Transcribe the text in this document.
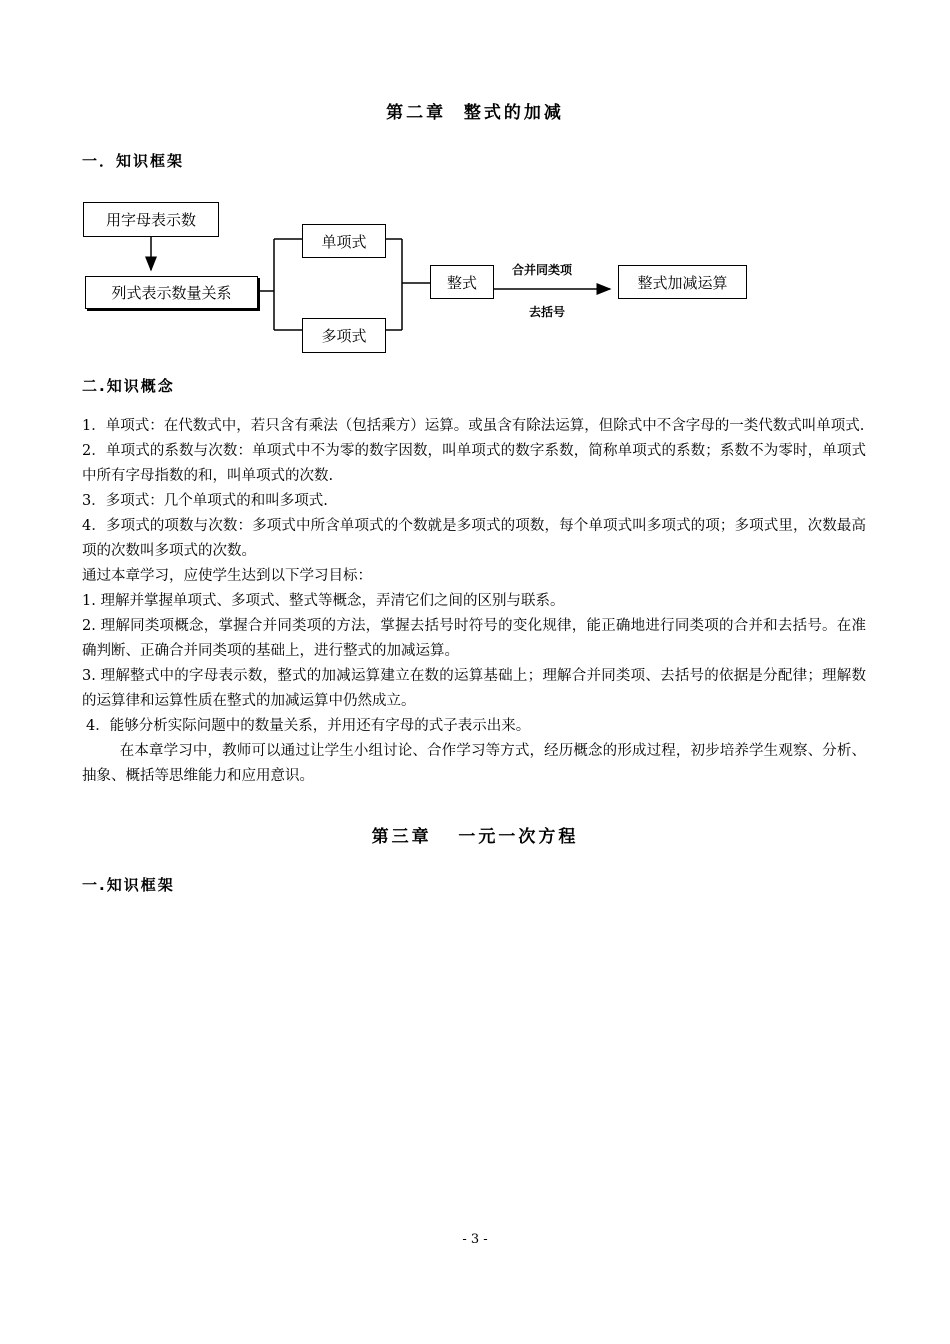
第二章  整式的加减
一．知识框架
用字母表示数
列式表示数量关系
单项式
多项式
整式	整式加减运算
合并同类项
去括号
二.知识概念

1．单项式：在代数式中，若只含有乘法（包括乘方）运算。或虽含有除法运算，但除式中不含字母的一类代数式叫单项式.

2．单项式的系数与次数：单项式中不为零的数字因数，叫单项式的数字系数，简称单项式的系数；系数不为零时，单项式中所有字母指数的和，叫单项式的次数.

3．多项式：几个单项式的和叫多项式.

4．多项式的项数与次数：多项式中所含单项式的个数就是多项式的项数，每个单项式叫多项式的项；多项式里，次数最高项的次数叫多项式的次数。

通过本章学习，应使学生达到以下学习目标：

1. 理解并掌握单项式、多项式、整式等概念，弄清它们之间的区别与联系。

2. 理解同类项概念，掌握合并同类项的方法，掌握去括号时符号的变化规律，能正确地进行同类项的合并和去括号。在准确判断、正确合并同类项的基础上，进行整式的加减运算。

3. 理解整式中的字母表示数，整式的加减运算建立在数的运算基础上；理解合并同类项、去括号的依据是分配律；理解数的运算律和运算性质在整式的加减运算中仍然成立。

4．能够分析实际问题中的数量关系，并用还有字母的式子表示出来。

在本章学习中，教师可以通过让学生小组讨论、合作学习等方式，经历概念的形成过程，初步培养学生观察、分析、抽象、概括等思维能力和应用意识。

第三章   一元一次方程
一.知识框架
- 3 -
